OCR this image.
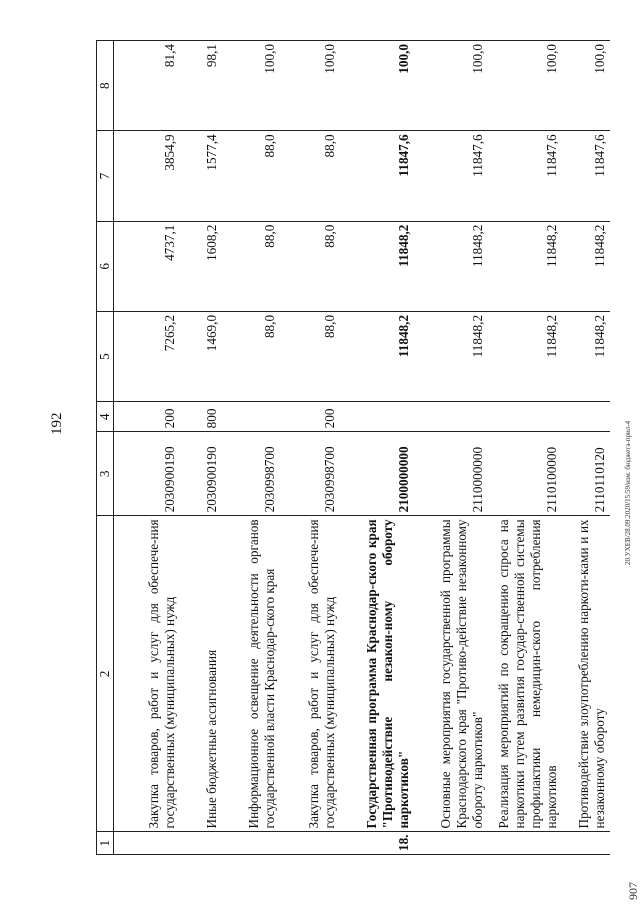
192	20.УХЕВ/28.09.2020/15:59/изм. бюджета-прил-4
907
1	2	3	4	5	6	7	8
	Закупка товаров, работ и услуг для обеспече-ния государственных (муниципальных) нужд	2030900190	200	7265,2	4737,1	3854,9	81,4
	Иные бюджетные ассигнования	2030900190	800	1469,0	1608,2	1577,4	98,1
	Информационное освещение деятельности органов государственной власти Краснодар-ского края	2030998700		88,0	88,0	88,0	100,0
	Закупка товаров, работ и услуг для обеспече-ния государственных (муниципальных) нужд	2030998700	200	88,0	88,0	88,0	100,0
18.	Государственная программа Краснодар-ского края "Противодействие незакон-ному обороту наркотиков"	2100000000		11848,2	11848,2	11847,6	100,0
	Основные мероприятия государственной программы Краснодарского края "Противо-действие незаконному обороту наркотиков"	2110000000		11848,2	11848,2	11847,6	100,0
	Реализация мероприятий по сокращению спроса на наркотики путем развития государ-ственной системы профилактики немедицин-ского потребления наркотиков	2110100000		11848,2	11848,2	11847,6	100,0
	Противодействие злоупотреблению наркоти-ками и их незаконному обороту	2110110120		11848,2	11848,2	11847,6	100,0
